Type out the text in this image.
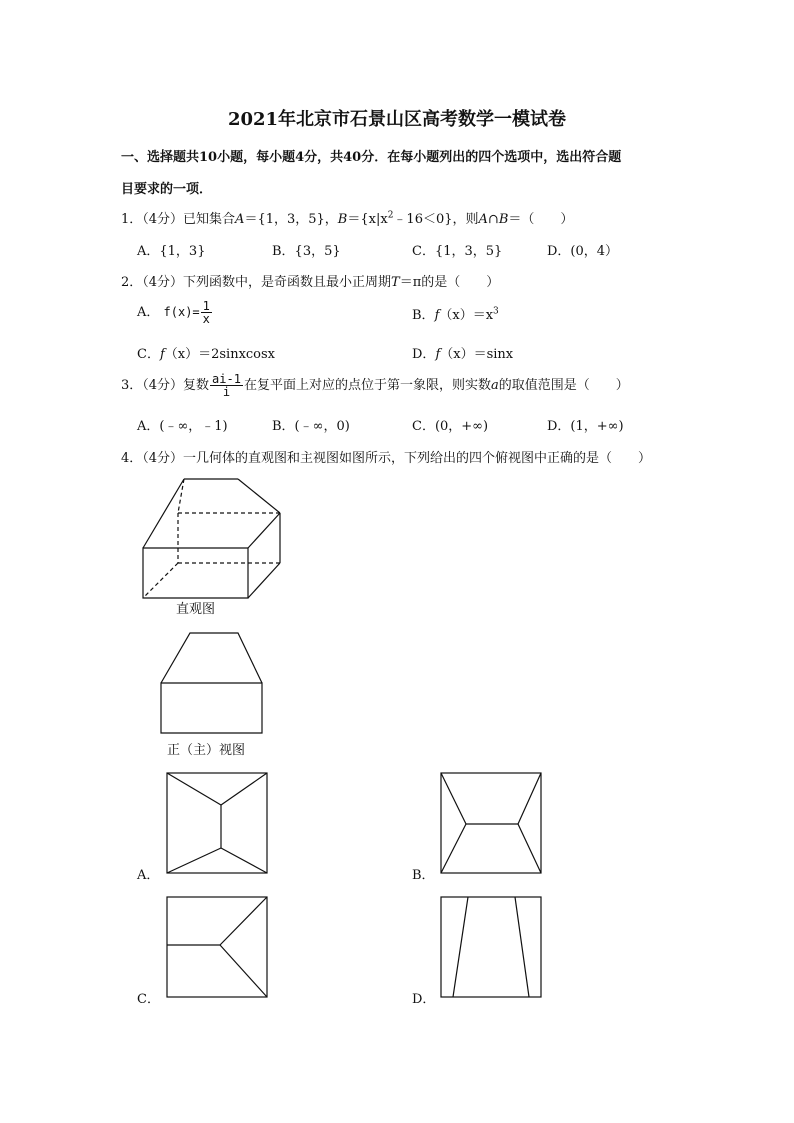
2021年北京市石景山区高考数学一模试卷
一、选择题共10小题，每小题4分，共40分．在每小题列出的四个选项中，选出符合题
目要求的一项．
1．（4分）已知集合A＝{1，3，5}，$B=\{x|x^2﹣16<0\}$，则A∩B＝（　　）
A．{1，3}	B．{3，5}	C．{1，3，5}	D．(0，4）
2．（4分）下列函数中，是奇函数且最小正周期T＝π的是（　　）
A． $f(x)= \frac{1}{x}$	B．$f(x)=x^3$
C．f（x）＝2sinxcosx	D．f（x）＝sinx
3．（4分）复数 $\frac{ai-1}{i}$ 在复平面上对应的点位于第一象限，则实数a的取值范围是（　　）
A．(﹣∞，﹣1)	B．(﹣∞，0)	C．(0，+∞)	D．(1，+∞)
4．（4分）一几何体的直观图和主视图如图所示，下列给出的四个俯视图中正确的是（　　）
直观图
正（主）视图
A．	B．
C．	D．
